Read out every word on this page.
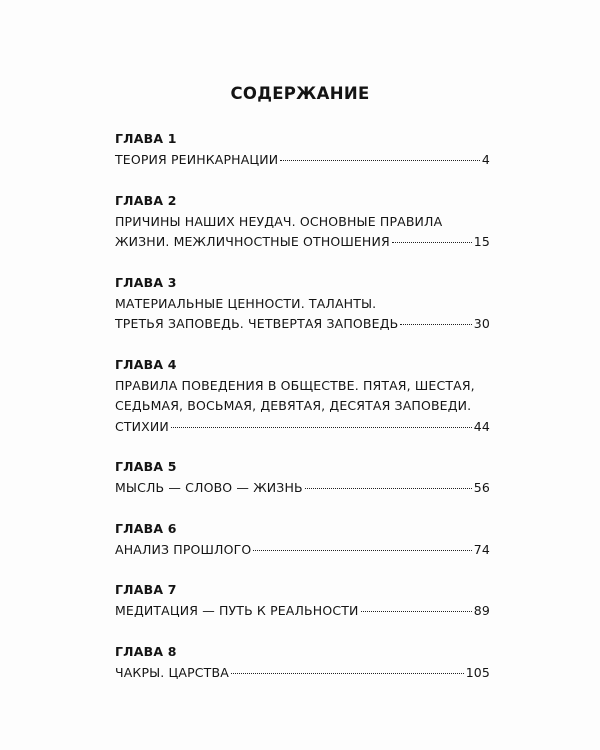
СОДЕРЖАНИЕ
ГЛАВА 1
ТЕОРИЯ РЕИНКАРНАЦИИ	4
ГЛАВА 2
ПРИЧИНЫ НАШИХ НЕУДАЧ. ОСНОВНЫЕ ПРАВИЛА
ЖИЗНИ. МЕЖЛИЧНОСТНЫЕ ОТНОШЕНИЯ	15
ГЛАВА 3
МАТЕРИАЛЬНЫЕ ЦЕННОСТИ. ТАЛАНТЫ.
ТРЕТЬЯ ЗАПОВЕДЬ. ЧЕТВЕРТАЯ ЗАПОВЕДЬ	30
ГЛАВА 4
ПРАВИЛА ПОВЕДЕНИЯ В ОБЩЕСТВЕ. ПЯТАЯ, ШЕСТАЯ,
СЕДЬМАЯ, ВОСЬМАЯ, ДЕВЯТАЯ, ДЕСЯТАЯ ЗАПОВЕДИ.
СТИХИИ	44
ГЛАВА 5
МЫСЛЬ — СЛОВО — ЖИЗНЬ	56
ГЛАВА 6
АНАЛИЗ ПРОШЛОГО	74
ГЛАВА 7
МЕДИТАЦИЯ — ПУТЬ К РЕАЛЬНОСТИ	89
ГЛАВА 8
ЧАКРЫ. ЦАРСТВА	105
